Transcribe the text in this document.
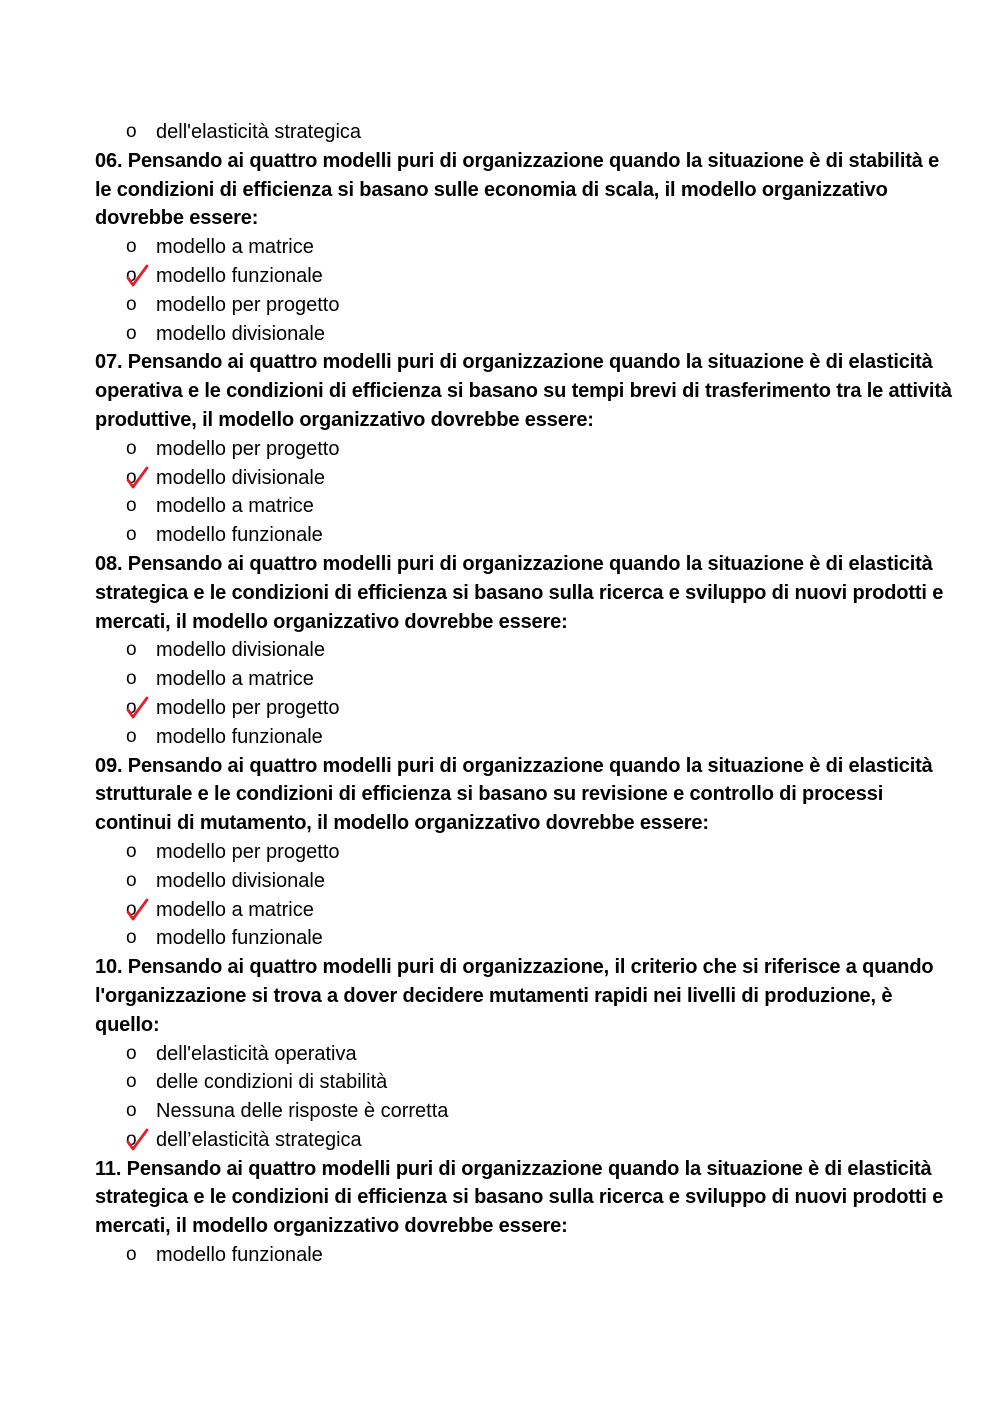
o dell'elasticità strategica

06. Pensando ai quattro modelli puri di organizzazione quando la situazione è di stabilità e le condizioni di efficienza si basano sulle economia di scala, il modello organizzativo dovrebbe essere:

o modello a matrice

o modello funzionale

o modello per progetto

o modello divisionale

07. Pensando ai quattro modelli puri di organizzazione quando la situazione è di elasticità operativa e le condizioni di efficienza si basano su tempi brevi di trasferimento tra le attività produttive, il modello organizzativo dovrebbe essere:

o modello per progetto

o modello divisionale

o modello a matrice

o modello funzionale

08. Pensando ai quattro modelli puri di organizzazione quando la situazione è di elasticità strategica e le condizioni di efficienza si basano sulla ricerca e sviluppo di nuovi prodotti e mercati, il modello organizzativo dovrebbe essere:

o modello divisionale

o modello a matrice

o modello per progetto

o modello funzionale

09. Pensando ai quattro modelli puri di organizzazione quando la situazione è di elasticità strutturale e le condizioni di efficienza si basano su revisione e controllo di processi continui di mutamento, il modello organizzativo dovrebbe essere:

o modello per progetto

o modello divisionale

o modello a matrice

o modello funzionale

10. Pensando ai quattro modelli puri di organizzazione, il criterio che si riferisce a quando l'organizzazione si trova a dover decidere mutamenti rapidi nei livelli di produzione, è quello:

o dell'elasticità operativa

o delle condizioni di stabilità

o Nessuna delle risposte è corretta

o dell’elasticità strategica

11. Pensando ai quattro modelli puri di organizzazione quando la situazione è di elasticità strategica e le condizioni di efficienza si basano sulla ricerca e sviluppo di nuovi prodotti e mercati, il modello organizzativo dovrebbe essere:

o modello funzionale
